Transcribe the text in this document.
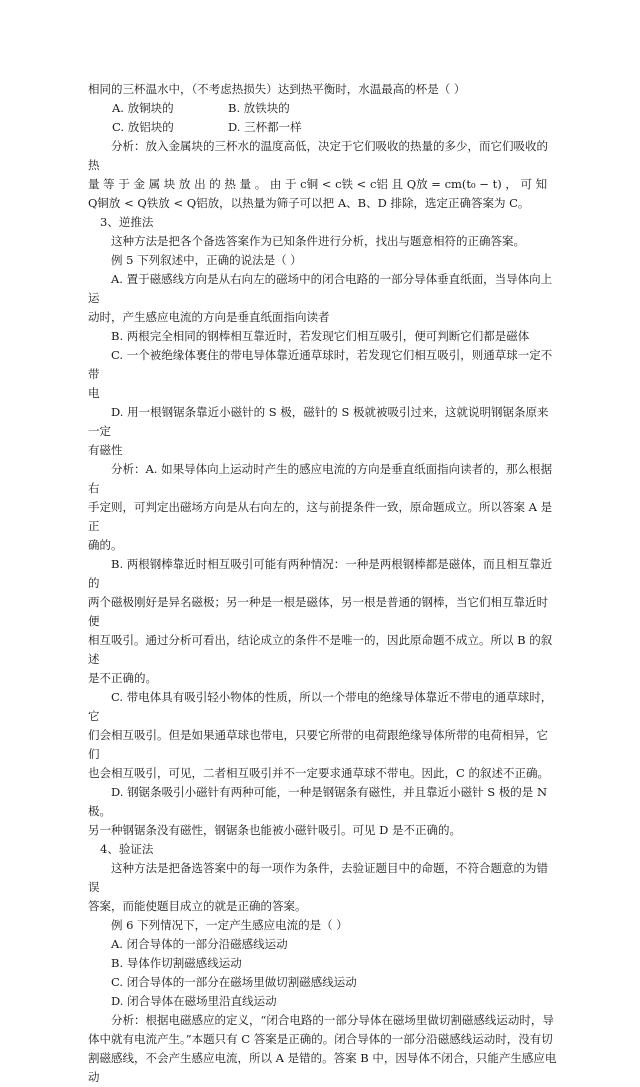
相同的三杯温水中，（不考虑热损失）达到热平衡时，水温最高的杯是（ ）

A. 放铜块的	B. 放铁块的
C. 放铝块的	D. 三杯都一样

分析：放入金属块的三杯水的温度高低，决定于它们吸收的热量的多少，而它们吸收的热

量 等 于 金 属 块 放 出 的 热 量 。 由 于 c铜 < c铁 < c铝 且 Q放 = cm(t₀ − t) ， 可 知

Q铜放 < Q铁放 < Q铝放，以热量为筛子可以把 A、B、D 排除，选定正确答案为 C。

3、逆推法

这种方法是把各个备选答案作为已知条件进行分析，找出与题意相符的正确答案。

例 5 下列叙述中，正确的说法是（ ）

A. 置于磁感线方向是从右向左的磁场中的闭合电路的一部分导体垂直纸面，当导体向上运

动时，产生感应电流的方向是垂直纸面指向读者

B. 两根完全相同的钢棒相互靠近时，若发现它们相互吸引，便可判断它们都是磁体

C. 一个被绝缘体裹住的带电导体靠近通草球时，若发现它们相互吸引，则通草球一定不带

电

D. 用一根钢锯条靠近小磁针的 S 极，磁针的 S 极就被吸引过来，这就说明钢锯条原来一定

有磁性

分析：A. 如果导体向上运动时产生的感应电流的方向是垂直纸面指向读者的，那么根据右

手定则，可判定出磁场方向是从右向左的，这与前提条件一致，原命题成立。所以答案 A 是正

确的。

B. 两根钢棒靠近时相互吸引可能有两种情况：一种是两根钢棒都是磁体，而且相互靠近的

两个磁极刚好是异名磁极；另一种是一根是磁体，另一根是普通的钢棒，当它们相互靠近时便

相互吸引。通过分析可看出，结论成立的条件不是唯一的，因此原命题不成立。所以 B 的叙述

是不正确的。

C. 带电体具有吸引轻小物体的性质，所以一个带电的绝缘导体靠近不带电的通草球时，它

们会相互吸引。但是如果通草球也带电，只要它所带的电荷跟绝缘导体所带的电荷相异，它们

也会相互吸引，可见，二者相互吸引并不一定要求通草球不带电。因此，C 的叙述不正确。

D. 钢锯条吸引小磁针有两种可能，一种是钢锯条有磁性，并且靠近小磁针 S 极的是 N 极。

另一种钢锯条没有磁性，钢锯条也能被小磁针吸引。可见 D 是不正确的。

4、验证法

这种方法是把备选答案中的每一项作为条件，去验证题目中的命题，不符合题意的为错误

答案，而能使题目成立的就是正确的答案。

例 6 下列情况下，一定产生感应电流的是（ ）

A. 闭合导体的一部分沿磁感线运动

B. 导体作切割磁感线运动

C. 闭合导体的一部分在磁场里做切割磁感线运动

D. 闭合导体在磁场里沿直线运动

分析：根据电磁感应的定义，“闭合电路的一部分导体在磁场里做切割磁感线运动时，导

体中就有电流产生。”本题只有 C 答案是正确的。闭合导体的一部分沿磁感线运动时，没有切

割磁感线，不会产生感应电流，所以 A 是错的。答案 B 中，因导体不闭合，只能产生感应电动
